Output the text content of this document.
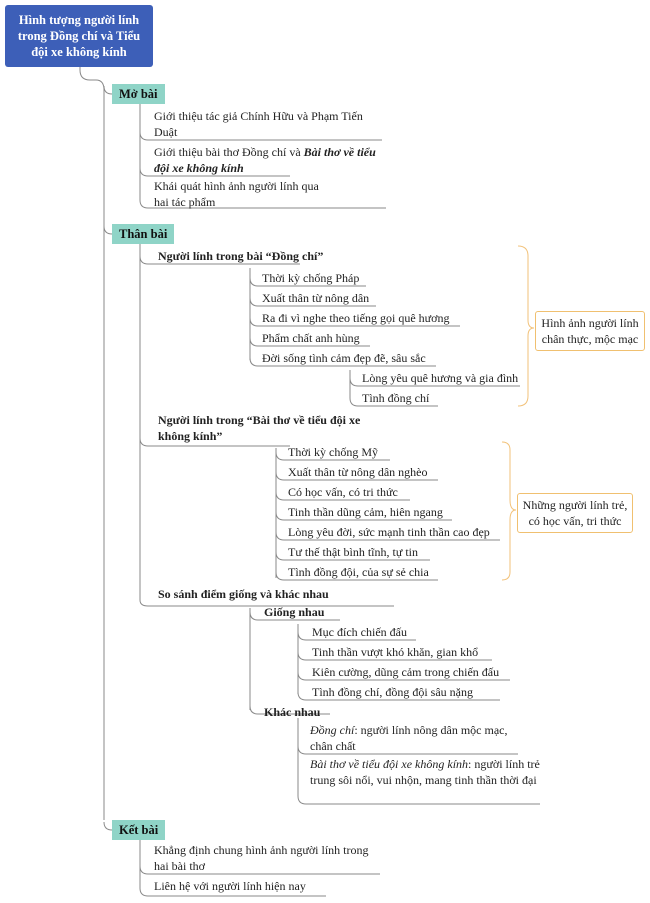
Hình tượng người lính trong Đồng chí và Tiểu đội xe không kính
Mở bài
Giới thiệu tác giả Chính Hữu và Phạm Tiến Duật
Giới thiệu bài thơ Đồng chí và Bài thơ về tiểu đội xe không kính
Khái quát hình ảnh người lính qua hai tác phẩm
Thân bài
Người lính trong bài “Đồng chí”
Thời kỳ chống Pháp
Xuất thân từ nông dân
Ra đi vì nghe theo tiếng gọi quê hương
Phẩm chất anh hùng
Đời sống tình cảm đẹp đẽ, sâu sắc
Lòng yêu quê hương và gia đình
Tình đồng chí
Hình ảnh người lính chân thực, mộc mạc
Người lính trong “Bài thơ về tiểu đội xe không kính”
Thời kỳ chống Mỹ
Xuất thân từ nông dân nghèo
Có học vấn, có tri thức
Tinh thần dũng cảm, hiên ngang
Lòng yêu đời, sức mạnh tinh thần cao đẹp
Tư thế thật bình tĩnh, tự tin
Tình đồng đội, của sự sẻ chia
Những người lính trẻ, có học vấn, tri thức
So sánh điểm giống và khác nhau
Giống nhau
Mục đích chiến đấu
Tinh thần vượt khó khăn, gian khổ
Kiên cường, dũng cảm trong chiến đấu
Tình đồng chí, đồng đội sâu nặng
Khác nhau
Đồng chí: người lính nông dân mộc mạc, chân chất
Bài thơ về tiểu đội xe không kính: người lính trẻ trung sôi nổi, vui nhộn, mang tinh thần thời đại
Kết bài
Khẳng định chung hình ảnh người lính trong hai bài thơ
Liên hệ với người lính hiện nay
